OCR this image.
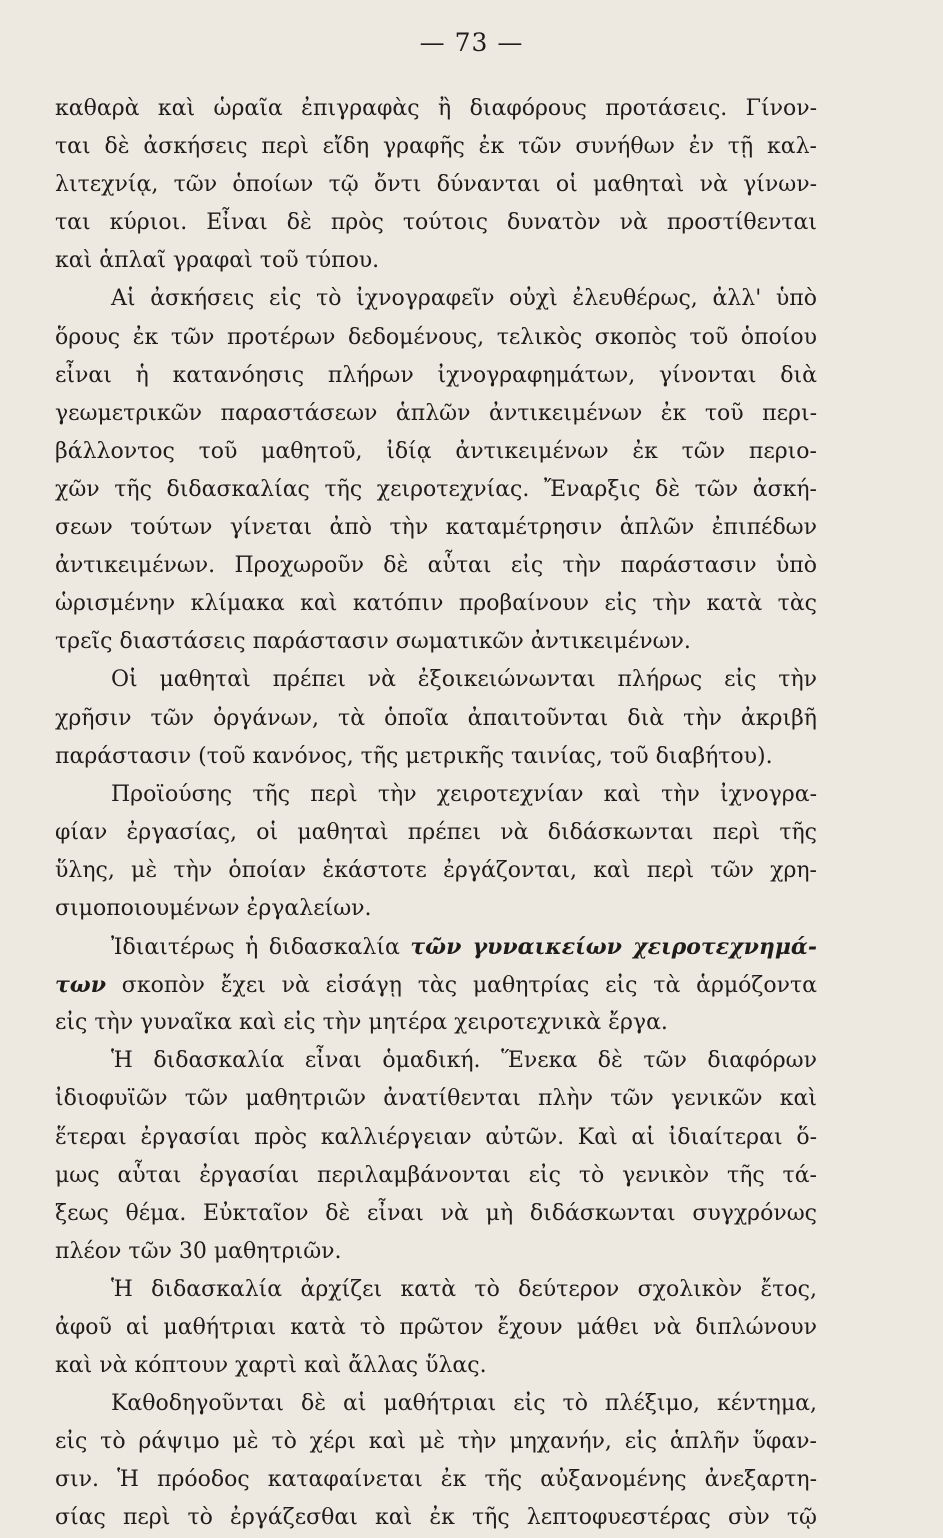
— 73 —
καθαρὰ καὶ ὡραῖα ἐπιγραφὰς ἢ διαφόρους προτάσεις. Γίνον-
ται δὲ ἀσκήσεις περὶ εἴδη γραφῆς ἐκ τῶν συνήθων ἐν τῇ καλ-
λιτεχνίᾳ, τῶν ὁποίων τῷ ὄντι δύνανται οἱ μαθηταὶ νὰ γίνων-
ται κύριοι. Εἶναι δὲ πρὸς τούτοις δυνατὸν νὰ προστίθενται
καὶ ἁπλαῖ γραφαὶ τοῦ τύπου.
Αἱ ἀσκήσεις εἰς τὸ ἰχνογραφεῖν οὐχὶ ἐλευθέρως, ἀλλ' ὑπὸ
ὅρους ἐκ τῶν προτέρων δεδομένους, τελικὸς σκοπὸς τοῦ ὁποίου
εἶναι ἡ κατανόησις πλήρων ἰχνογραφημάτων, γίνονται διὰ
γεωμετρικῶν παραστάσεων ἁπλῶν ἀντικειμένων ἐκ τοῦ περι-
βάλλοντος τοῦ μαθητοῦ, ἰδίᾳ ἀντικειμένων ἐκ τῶν περιο-
χῶν τῆς διδασκαλίας τῆς χειροτεχνίας. Ἔναρξις δὲ τῶν ἀσκή-
σεων τούτων γίνεται ἀπὸ τὴν καταμέτρησιν ἁπλῶν ἐπιπέδων
ἀντικειμένων. Προχωροῦν δὲ αὗται εἰς τὴν παράστασιν ὑπὸ
ὡρισμένην κλίμακα καὶ κατόπιν προβαίνουν εἰς τὴν κατὰ τὰς
τρεῖς διαστάσεις παράστασιν σωματικῶν ἀντικειμένων.
Οἱ μαθηταὶ πρέπει νὰ ἐξοικειώνωνται πλήρως εἰς τὴν
χρῆσιν τῶν ὀργάνων, τὰ ὁποῖα ἀπαιτοῦνται διὰ τὴν ἀκριβῆ
παράστασιν (τοῦ κανόνος, τῆς μετρικῆς ταινίας, τοῦ διαβήτου).
Προϊούσης τῆς περὶ τὴν χειροτεχνίαν καὶ τὴν ἰχνογρα-
φίαν ἐργασίας, οἱ μαθηταὶ πρέπει νὰ διδάσκωνται περὶ τῆς
ὕλης, μὲ τὴν ὁποίαν ἑκάστοτε ἐργάζονται, καὶ περὶ τῶν χρη-
σιμοποιουμένων ἐργαλείων.
Ἰδιαιτέρως ἡ διδασκαλία τῶν γυναικείων χειροτεχνημά-
των σκοπὸν ἔχει νὰ εἰσάγῃ τὰς μαθητρίας εἰς τὰ ἁρμόζοντα
εἰς τὴν γυναῖκα καὶ εἰς τὴν μητέρα χειροτεχνικὰ ἔργα.
Ἡ διδασκαλία εἶναι ὁμαδική. Ἕνεκα δὲ τῶν διαφόρων
ἰδιοφυϊῶν τῶν μαθητριῶν ἀνατίθενται πλὴν τῶν γενικῶν καὶ
ἕτεραι ἐργασίαι πρὸς καλλιέργειαν αὐτῶν. Καὶ αἱ ἰδιαίτεραι ὅ-
μως αὗται ἐργασίαι περιλαμβάνονται εἰς τὸ γενικὸν τῆς τά-
ξεως θέμα. Εὐκταῖον δὲ εἶναι νὰ μὴ διδάσκωνται συγχρόνως
πλέον τῶν 30 μαθητριῶν.
Ἡ διδασκαλία ἀρχίζει κατὰ τὸ δεύτερον σχολικὸν ἔτος,
ἀφοῦ αἱ μαθήτριαι κατὰ τὸ πρῶτον ἔχουν μάθει νὰ διπλώνουν
καὶ νὰ κόπτουν χαρτὶ καὶ ἄλλας ὕλας.
Καθοδηγοῦνται δὲ αἱ μαθήτριαι εἰς τὸ πλέξιμο, κέντημα,
εἰς τὸ ράψιμο μὲ τὸ χέρι καὶ μὲ τὴν μηχανήν, εἰς ἁπλῆν ὕφαν-
σιν. Ἡ πρόοδος καταφαίνεται ἐκ τῆς αὐξανομένης ἀνεξαρτη-
σίας περὶ τὸ ἐργάζεσθαι καὶ ἐκ τῆς λεπτοφυεστέρας σὺν τῷ
